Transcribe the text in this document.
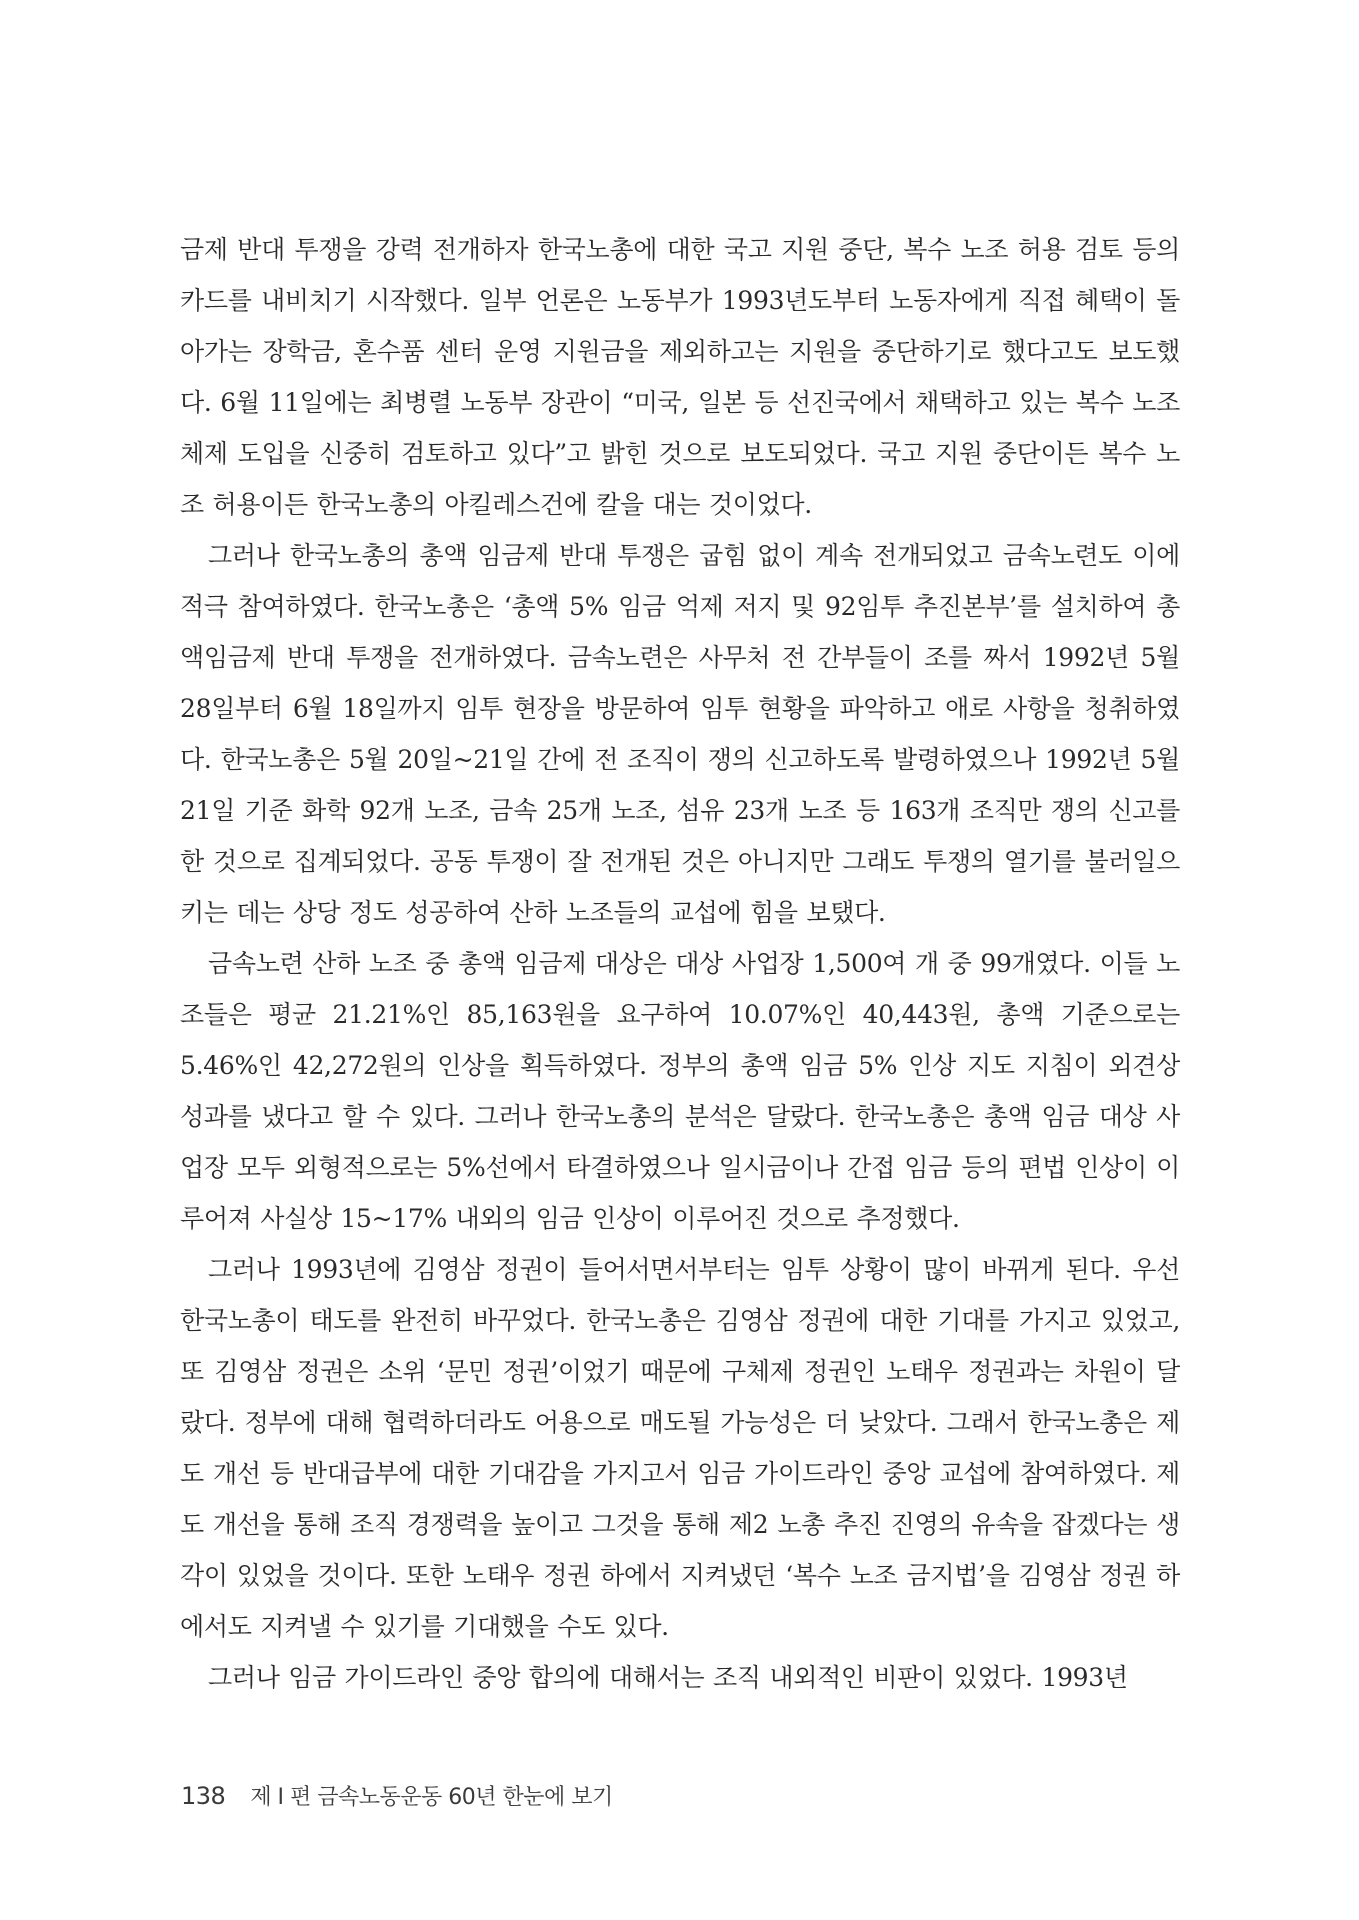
금제 반대 투쟁을 강력 전개하자 한국노총에 대한 국고 지원 중단, 복수 노조 허용 검토 등의 카드를 내비치기 시작했다. 일부 언론은 노동부가 1993년도부터 노동자에게 직접 혜택이 돌아가는 장학금, 혼수품 센터 운영 지원금을 제외하고는 지원을 중단하기로 했다고도 보도했다. 6월 11일에는 최병렬 노동부 장관이 “미국, 일본 등 선진국에서 채택하고 있는 복수 노조 체제 도입을 신중히 검토하고 있다”고 밝힌 것으로 보도되었다. 국고 지원 중단이든 복수 노조 허용이든 한국노총의 아킬레스건에 칼을 대는 것이었다.

그러나 한국노총의 총액 임금제 반대 투쟁은 굽힘 없이 계속 전개되었고 금속노련도 이에 적극 참여하였다. 한국노총은 ‘총액 5% 임금 억제 저지 및 92임투 추진본부’를 설치하여 총액임금제 반대 투쟁을 전개하였다. 금속노련은 사무처 전 간부들이 조를 짜서 1992년 5월 28일부터 6월 18일까지 임투 현장을 방문하여 임투 현황을 파악하고 애로 사항을 청취하였다. 한국노총은 5월 20일~21일 간에 전 조직이 쟁의 신고하도록 발령하였으나 1992년 5월 21일 기준 화학 92개 노조, 금속 25개 노조, 섬유 23개 노조 등 163개 조직만 쟁의 신고를 한 것으로 집계되었다. 공동 투쟁이 잘 전개된 것은 아니지만 그래도 투쟁의 열기를 불러일으키는 데는 상당 정도 성공하여 산하 노조들의 교섭에 힘을 보탰다.

금속노련 산하 노조 중 총액 임금제 대상은 대상 사업장 1,500여 개 중 99개였다. 이들 노조들은 평균 21.21%인 85,163원을 요구하여 10.07%인 40,443원, 총액 기준으로는 5.46%인 42,272원의 인상을 획득하였다. 정부의 총액 임금 5% 인상 지도 지침이 외견상 성과를 냈다고 할 수 있다. 그러나 한국노총의 분석은 달랐다. 한국노총은 총액 임금 대상 사업장 모두 외형적으로는 5%선에서 타결하였으나 일시금이나 간접 임금 등의 편법 인상이 이루어져 사실상 15~17% 내외의 임금 인상이 이루어진 것으로 추정했다.

그러나 1993년에 김영삼 정권이 들어서면서부터는 임투 상황이 많이 바뀌게 된다. 우선 한국노총이 태도를 완전히 바꾸었다. 한국노총은 김영삼 정권에 대한 기대를 가지고 있었고, 또 김영삼 정권은 소위 ‘문민 정권’이었기 때문에 구체제 정권인 노태우 정권과는 차원이 달랐다. 정부에 대해 협력하더라도 어용으로 매도될 가능성은 더 낮았다. 그래서 한국노총은 제도 개선 등 반대급부에 대한 기대감을 가지고서 임금 가이드라인 중앙 교섭에 참여하였다. 제도 개선을 통해 조직 경쟁력을 높이고 그것을 통해 제2 노총 추진 진영의 유속을 잡겠다는 생각이 있었을 것이다. 또한 노태우 정권 하에서 지켜냈던 ‘복수 노조 금지법’을 김영삼 정권 하에서도 지켜낼 수 있기를 기대했을 수도 있다.

그러나 임금 가이드라인 중앙 합의에 대해서는 조직 내외적인 비판이 있었다. 1993년

138 제 I 편 금속노동운동 60년 한눈에 보기
